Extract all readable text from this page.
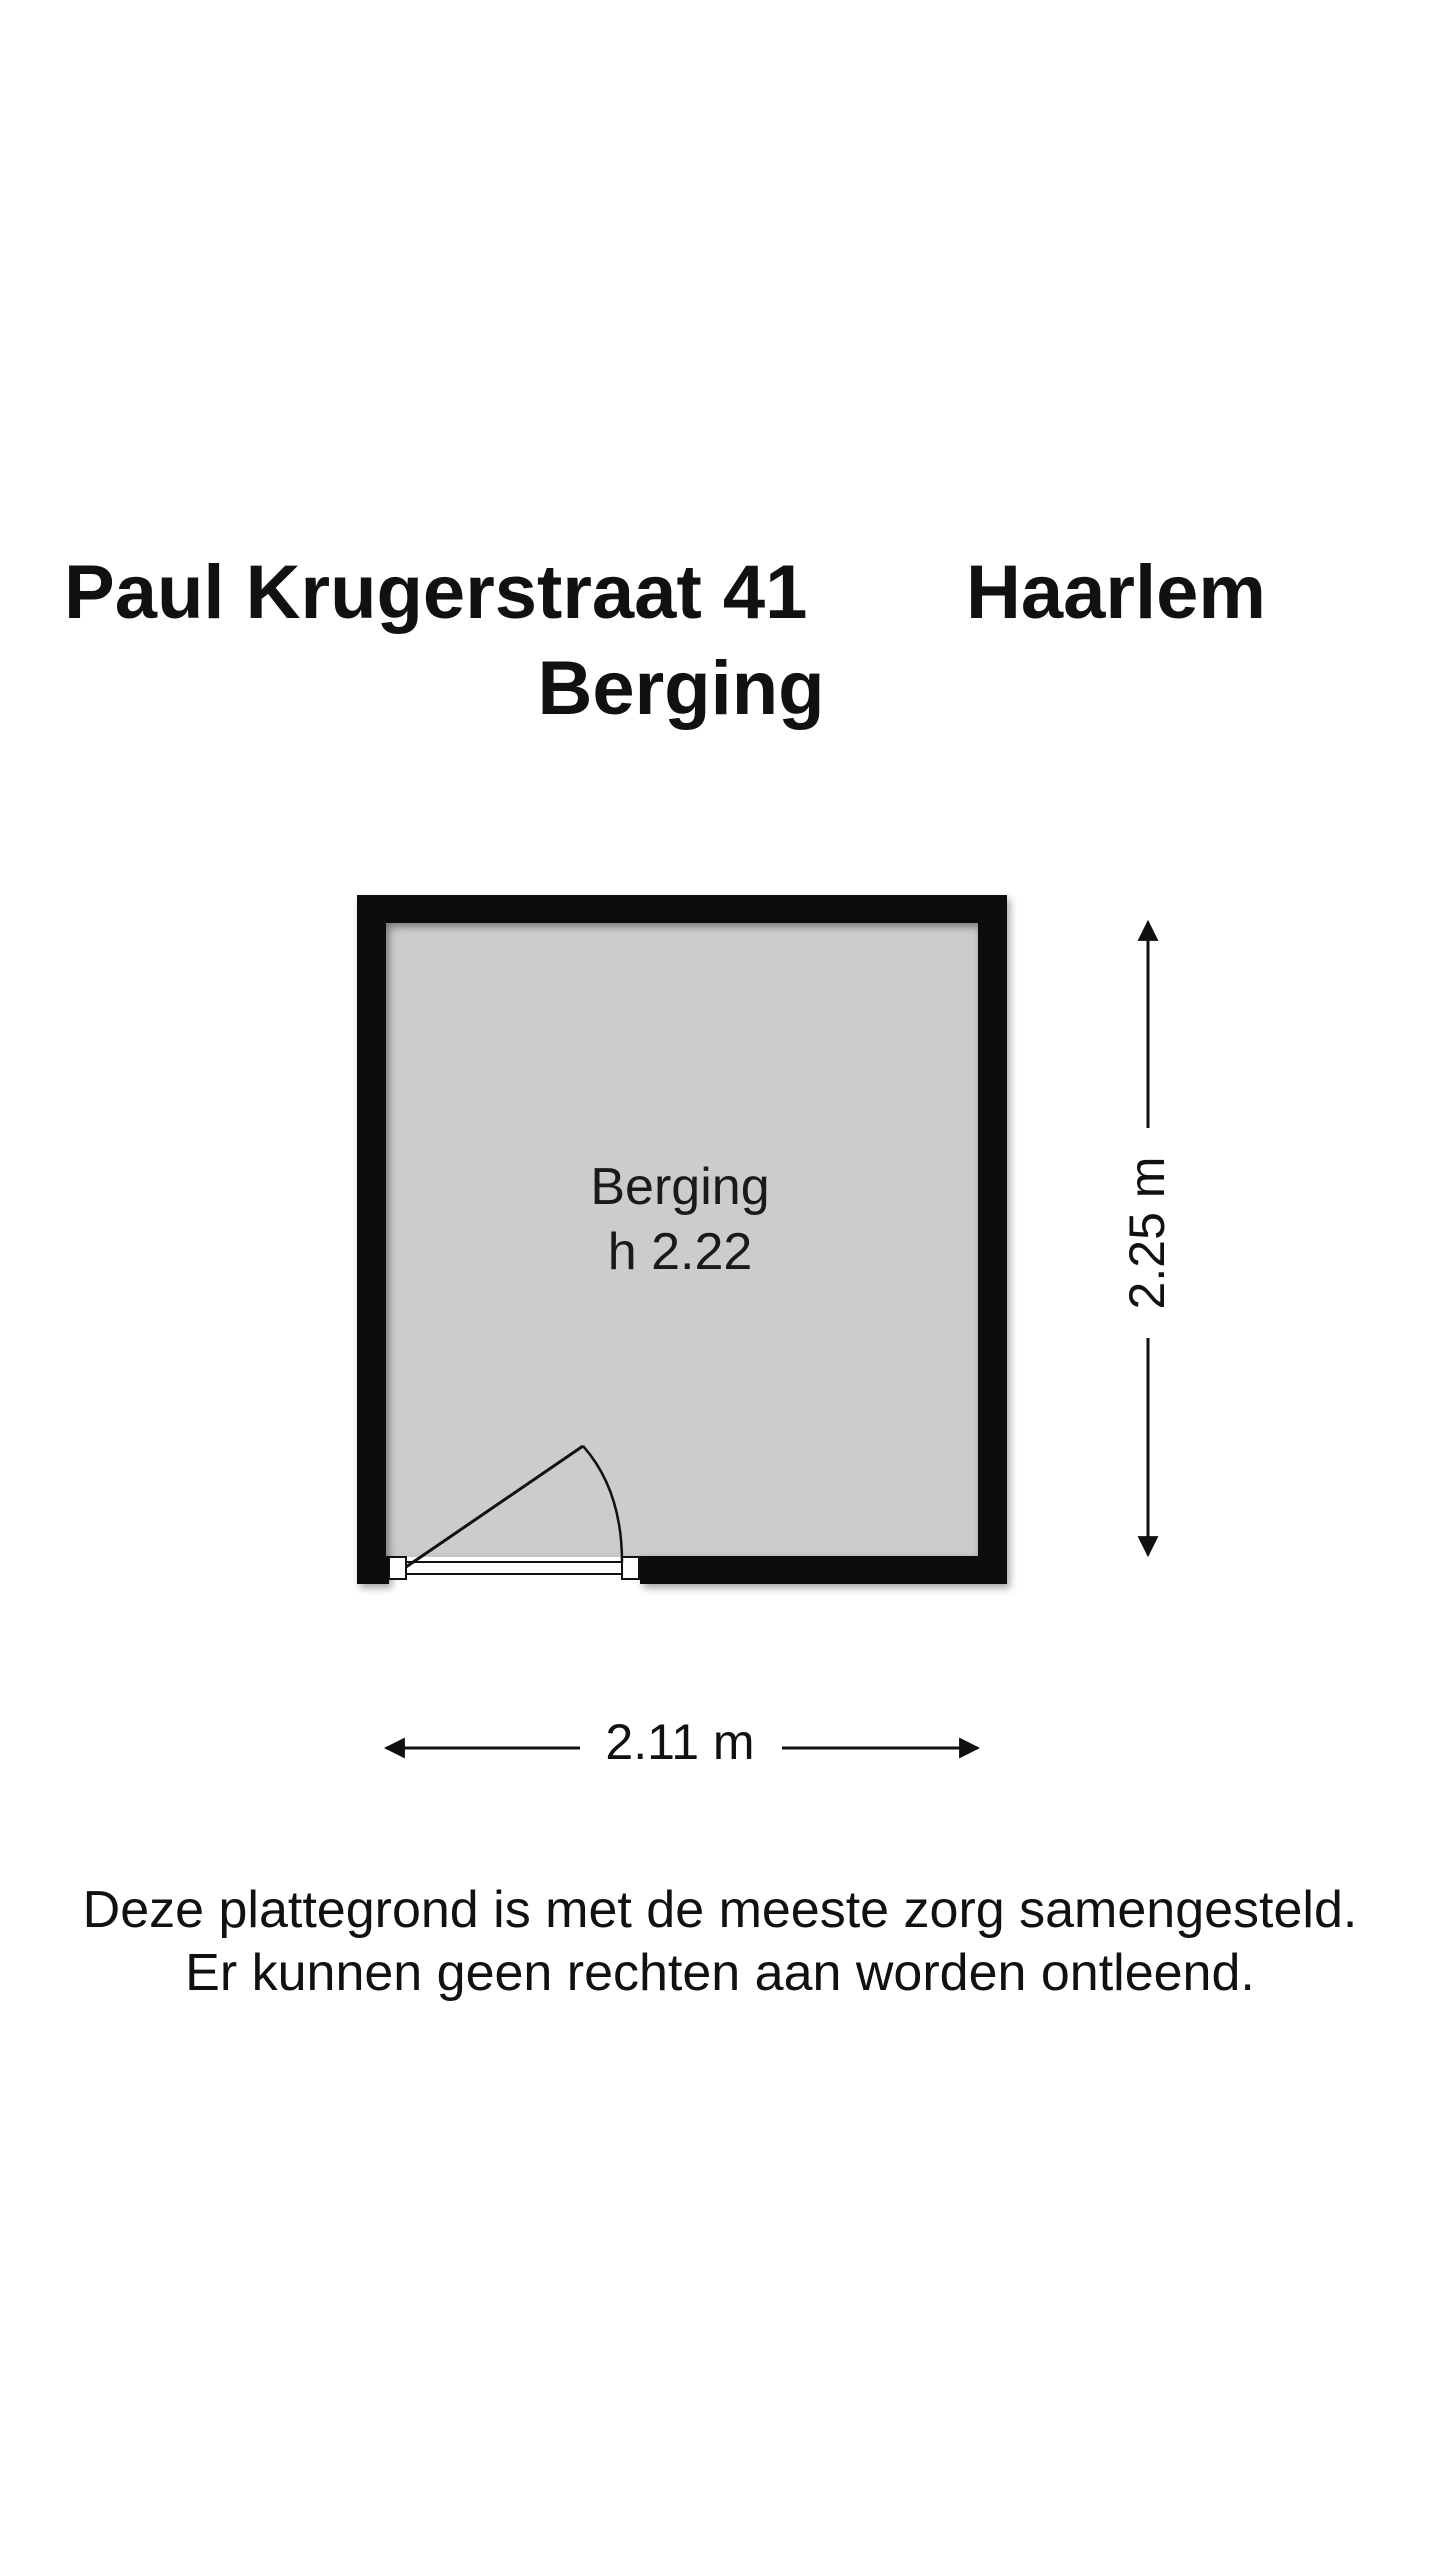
Paul Krugerstraat 41 Haarlem
Berging
Berging
h 2.22
2.11 m
2.25 m
Deze plattegrond is met de meeste zorg samengesteld.
Er kunnen geen rechten aan worden ontleend.
